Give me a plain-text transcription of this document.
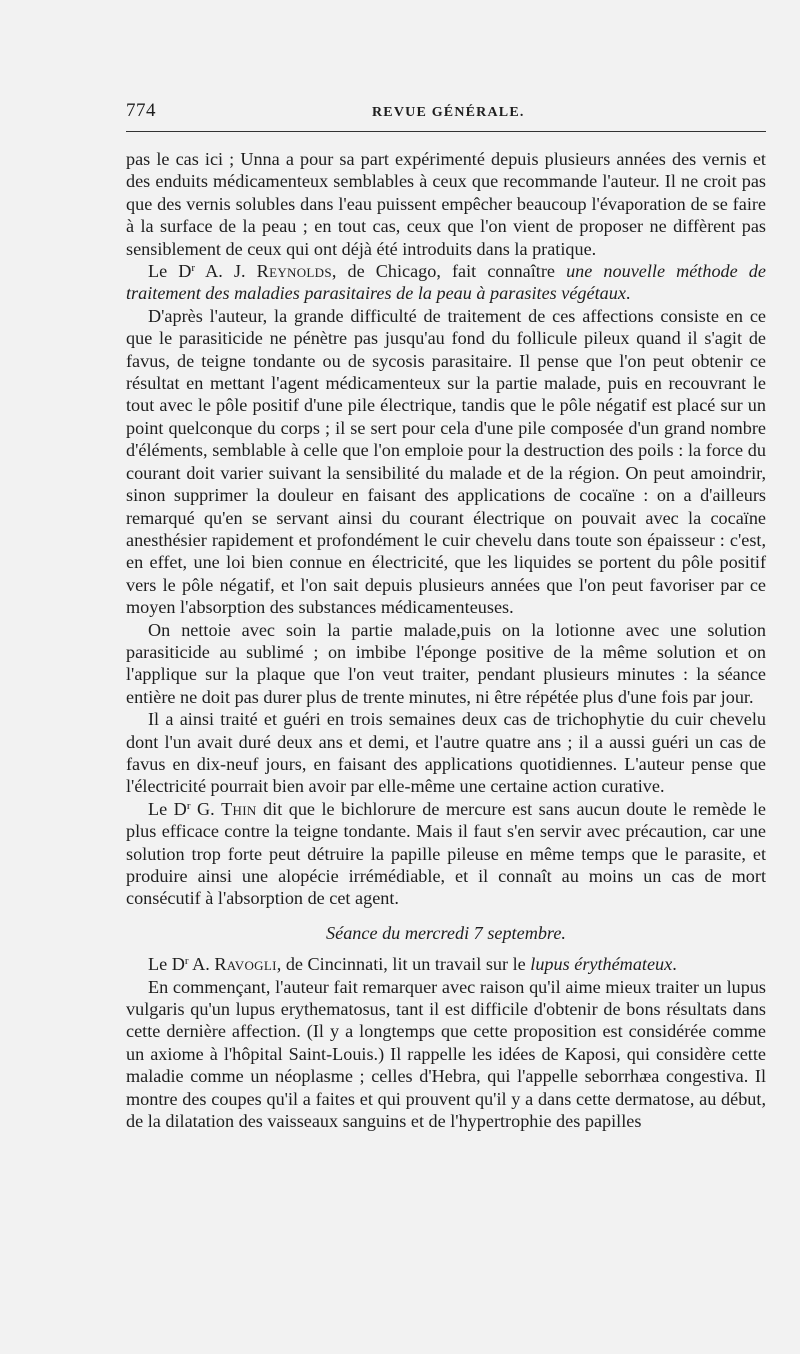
774	REVUE GÉNÉRALE.

pas le cas ici ; Unna a pour sa part expérimenté depuis plusieurs années des vernis et des enduits médicamenteux semblables à ceux que recommande l'auteur. Il ne croit pas que des vernis solubles dans l'eau puissent empêcher beaucoup l'évaporation de se faire à la surface de la peau ; en tout cas, ceux que l'on vient de proposer ne diffèrent pas sensiblement de ceux qui ont déjà été introduits dans la pratique.

Le $D^r$ A. J. Reynolds, de Chicago, fait connaître une nouvelle méthode de traitement des maladies parasitaires de la peau à parasites végétaux.

D'après l'auteur, la grande difficulté de traitement de ces affections consiste en ce que le parasiticide ne pénètre pas jusqu'au fond du follicule pileux quand il s'agit de favus, de teigne tondante ou de sycosis parasitaire. Il pense que l'on peut obtenir ce résultat en mettant l'agent médicamenteux sur la partie malade, puis en recouvrant le tout avec le pôle positif d'une pile électrique, tandis que le pôle négatif est placé sur un point quelconque du corps ; il se sert pour cela d'une pile composée d'un grand nombre d'éléments, semblable à celle que l'on emploie pour la destruction des poils : la force du courant doit varier suivant la sensibilité du malade et de la région. On peut amoindrir, sinon supprimer la douleur en faisant des applications de cocaïne : on a d'ailleurs remarqué qu'en se servant ainsi du courant électrique on pouvait avec la cocaïne anesthésier rapidement et profondément le cuir chevelu dans toute son épaisseur : c'est, en effet, une loi bien connue en électricité, que les liquides se portent du pôle positif vers le pôle négatif, et l'on sait depuis plusieurs années que l'on peut favoriser par ce moyen l'absorption des substances médicamenteuses.

On nettoie avec soin la partie malade,puis on la lotionne avec une solution parasiticide au sublimé ; on imbibe l'éponge positive de la même solution et on l'applique sur la plaque que l'on veut traiter, pendant plusieurs minutes : la séance entière ne doit pas durer plus de trente minutes, ni être répétée plus d'une fois par jour.

Il a ainsi traité et guéri en trois semaines deux cas de trichophytie du cuir chevelu dont l'un avait duré deux ans et demi, et l'autre quatre ans ; il a aussi guéri un cas de favus en dix-neuf jours, en faisant des applications quotidiennes. L'auteur pense que l'électricité pourrait bien avoir par elle-même une certaine action curative.

Le $D^r$ G. Thin dit que le bichlorure de mercure est sans aucun doute le remède le plus efficace contre la teigne tondante. Mais il faut s'en servir avec précaution, car une solution trop forte peut détruire la papille pileuse en même temps que le parasite, et produire ainsi une alopécie irrémédiable, et il connaît au moins un cas de mort consécutif à l'absorption de cet agent.

Séance du mercredi 7 septembre.

Le $D^r$ A. Ravogli, de Cincinnati, lit un travail sur le lupus érythémateux.

En commençant, l'auteur fait remarquer avec raison qu'il aime mieux traiter un lupus vulgaris qu'un lupus erythematosus, tant il est difficile d'obtenir de bons résultats dans cette dernière affection. (Il y a longtemps que cette proposition est considérée comme un axiome à l'hôpital Saint-Louis.) Il rappelle les idées de Kaposi, qui considère cette maladie comme un néoplasme ; celles d'Hebra, qui l'appelle seborrhæa congestiva. Il montre des coupes qu'il a faites et qui prouvent qu'il y a dans cette dermatose, au début, de la dilatation des vaisseaux sanguins et de l'hypertrophie des papilles
